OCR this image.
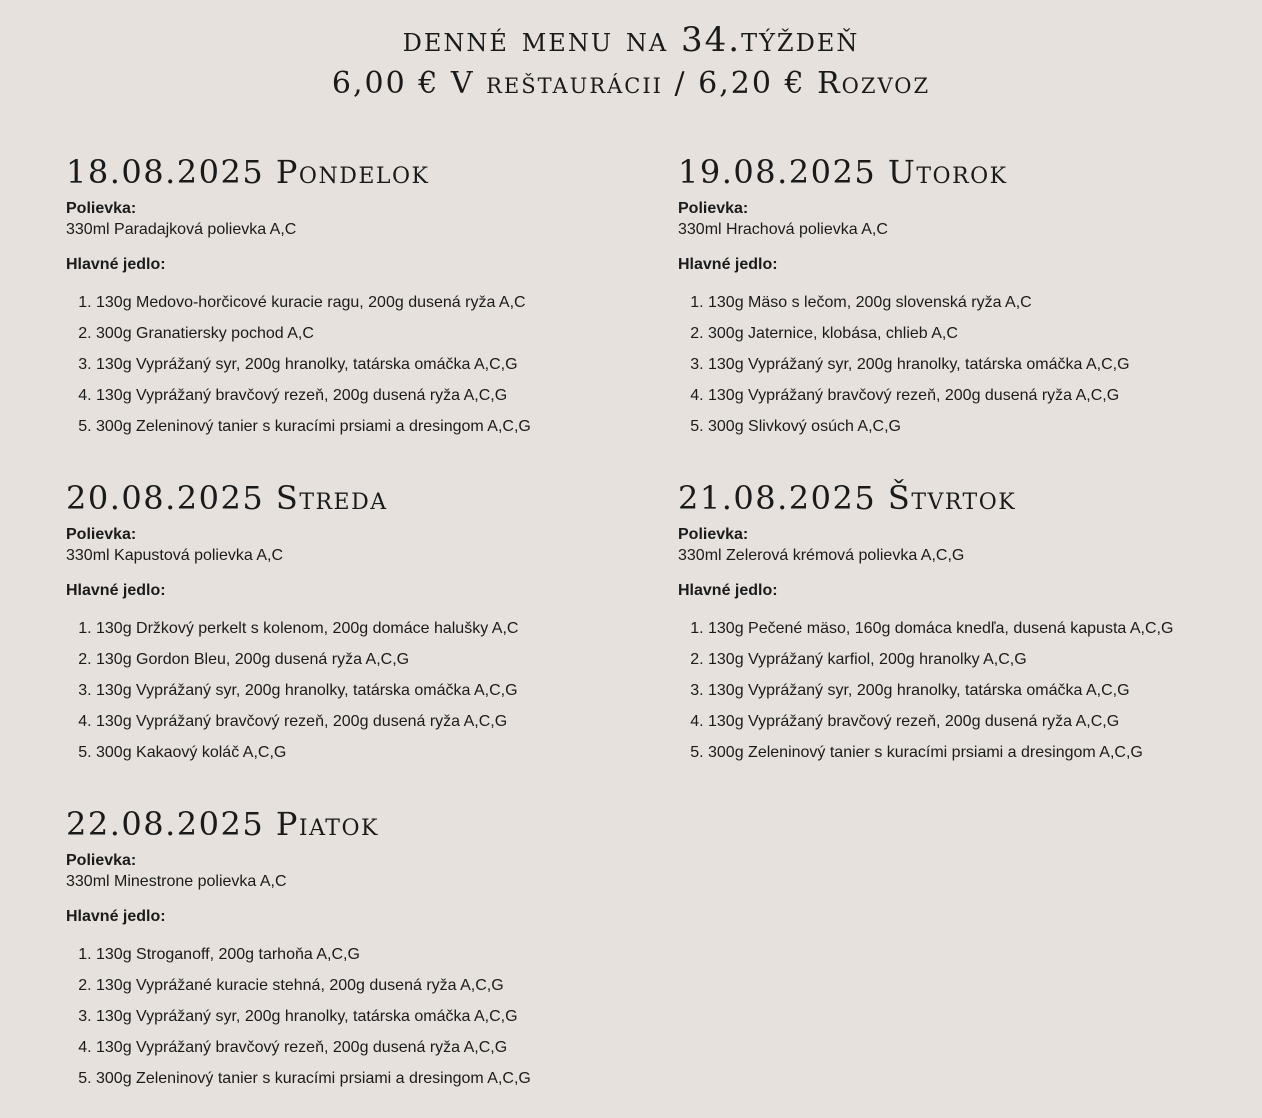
denné menu na 34.týždeň
6,00 € V reštaurácii / 6,20 € Rozvoz
18.08.2025 Pondelok
Polievka:
330ml Paradajková polievka A,C
Hlavné jedlo:
1. 130g Medovo-horčicové kuracie ragu, 200g dusená ryža A,C
2. 300g Granatiersky pochod A,C
3. 130g Vyprážaný syr, 200g hranolky, tatárska omáčka A,C,G
4. 130g Vyprážaný bravčový rezeň, 200g dusená ryža A,C,G
5. 300g Zeleninový tanier s kuracími prsiami a dresingom A,C,G
19.08.2025 Utorok
Polievka:
330ml Hrachová polievka A,C
Hlavné jedlo:
1. 130g Mäso s lečom, 200g slovenská ryža A,C
2. 300g Jaternice, klobása, chlieb A,C
3. 130g Vyprážaný syr, 200g hranolky, tatárska omáčka A,C,G
4. 130g Vyprážaný bravčový rezeň, 200g dusená ryža A,C,G
5. 300g Slivkový osúch A,C,G
20.08.2025 Streda
Polievka:
330ml Kapustová polievka A,C
Hlavné jedlo:
1. 130g Držkový perkelt s kolenom, 200g domáce halušky A,C
2. 130g Gordon Bleu, 200g dusená ryža A,C,G
3. 130g Vyprážaný syr, 200g hranolky, tatárska omáčka A,C,G
4. 130g Vyprážaný bravčový rezeň, 200g dusená ryža A,C,G
5. 300g Kakaový koláč A,C,G
21.08.2025 Štvrtok
Polievka:
330ml Zelerová krémová polievka A,C,G
Hlavné jedlo:
1. 130g Pečené mäso, 160g domáca knedľa, dusená kapusta A,C,G
2. 130g Vyprážaný karfiol, 200g hranolky A,C,G
3. 130g Vyprážaný syr, 200g hranolky, tatárska omáčka A,C,G
4. 130g Vyprážaný bravčový rezeň, 200g dusená ryža A,C,G
5. 300g Zeleninový tanier s kuracími prsiami a dresingom A,C,G
22.08.2025 Piatok
Polievka:
330ml Minestrone polievka A,C
Hlavné jedlo:
1. 130g Stroganoff, 200g tarhoňa A,C,G
2. 130g Vyprážané kuracie stehná, 200g dusená ryža A,C,G
3. 130g Vyprážaný syr, 200g hranolky, tatárska omáčka A,C,G
4. 130g Vyprážaný bravčový rezeň, 200g dusená ryža A,C,G
5. 300g Zeleninový tanier s kuracími prsiami a dresingom A,C,G
